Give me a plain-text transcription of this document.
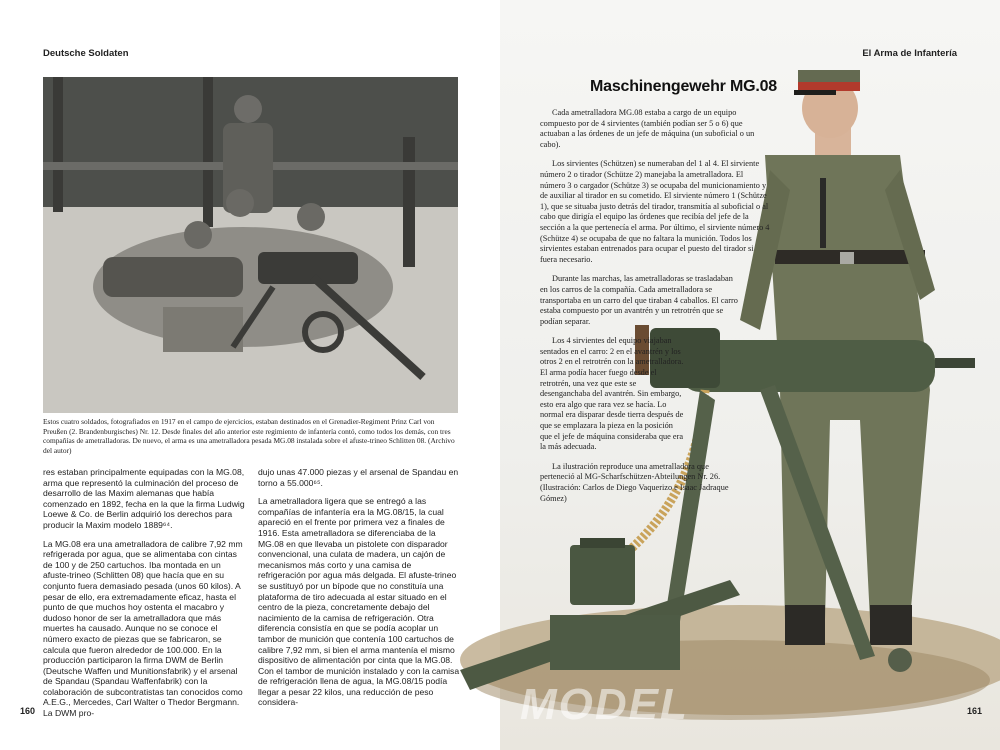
Deutsche Soldaten
Estos cuatro soldados, fotografiados en 1917 en el campo de ejercicios, estaban destinados en el Grenadier-Regiment Prinz Carl von Preußen (2. Brandenburgisches) Nr. 12. Desde finales del año anterior este regimiento de infantería contó, como todos los demás, con tres compañías de ametralladoras. De nuevo, el arma es una ametralladora pesada MG.08 instalada sobre el afuste-trineo Schlitten 08. (Archivo del autor)

res estaban principalmente equipadas con la MG.08, arma que representó la culminación del proceso de desarrollo de las Maxim alemanas que había comenzado en 1892, fecha en la que la firma Ludwig Loewe & Co. de Berlin adquirió los derechos para producir la Maxim modelo 1889⁶⁴.

La MG.08 era una ametralladora de calibre 7,92 mm refrigerada por agua, que se alimentaba con cintas de 100 y de 250 cartuchos. Iba montada en un afuste-trineo (Schlitten 08) que hacía que en su conjunto fuera demasiado pesada (unos 60 kilos). A pesar de ello, era extremadamente eficaz, hasta el punto de que muchos hoy ostenta el macabro y dudoso honor de ser la ametralladora que más muertes ha causado. Aunque no se conoce el número exacto de piezas que se fabricaron, se calcula que fueron alrededor de 100.000. En la producción participaron la firma DWM de Berlin (Deutsche Waffen und Munitionsfabrik) y el arsenal de Spandau (Spandau Waffenfabrik) con la colaboración de subcontratistas tan conocidos como A.E.G., Mercedes, Carl Walter o Thedor Bergmann. La DWM pro-

dujo unas 47.000 piezas y el arsenal de Spandau en torno a 55.000⁶⁵.

La ametralladora ligera que se entregó a las compañías de infantería era la MG.08/15, la cual apareció en el frente por primera vez a finales de 1916. Esta ametralladora se diferenciaba de la MG.08 en que llevaba un pistolete con disparador convencional, una culata de madera, un cajón de mecanismos más corto y una camisa de refrigeración por agua más delgada. El afuste-trineo se sustituyó por un bípode que no constituía una plataforma de tiro adecuada al estar situado en el centro de la pieza, concretamente debajo del nacimiento de la camisa de refrigeración. Otra diferencia consistía en que se podía acoplar un tambor de munición que contenía 100 cartuchos de calibre 7,92 mm, si bien el arma mantenía el mismo dispositivo de alimentación por cinta que la MG.08. Con el tambor de munición instalado y con la camisa de refrigeración llena de agua, la MG.08/15 podía llegar a pesar 22 kilos, una reducción de peso considera-

160
El Arma de Infantería
161
Maschinengewehr MG.08

Cada ametralladora MG.08 estaba a cargo de un equipo compuesto por de 4 sirvientes (también podían ser 5 o 6) que actuaban a las órdenes de un jefe de máquina (un suboficial o un cabo).

Los sirvientes (Schützen) se numeraban del 1 al 4. El sirviente número 2 o tirador (Schütze 2) manejaba la ametralladora. El número 3 o cargador (Schütze 3) se ocupaba del municionamiento y de auxiliar al tirador en su cometido. El sirviente número 1 (Schütze 1), que se situaba justo detrás del tirador, transmitía al suboficial o al cabo que dirigía el equipo las órdenes que recibía del jefe de la sección a la que pertenecía el arma. Por último, el sirviente número 4 (Schütze 4) se ocupaba de que no faltara la munición. Todos los sirvientes estaban entrenados para ocupar el puesto del tirador si fuera necesario.

Durante las marchas, las ametralladoras se trasladaban en los carros de la compañía. Cada ametralladora se transportaba en un carro del que tiraban 4 caballos. El carro estaba compuesto por un avantrén y un retrotrén que se podían separar.

Los 4 sirvientes del equipo viajaban sentados en el carro: 2 en el avantrén y los otros 2 en el retrotrén con la ametralladora. El arma podía hacer fuego desde el retrotrén, una vez que este se desenganchaba del avantrén. Sin embargo, esto era algo que rara vez se hacía. Lo normal era disparar desde tierra después de que se emplazara la pieza en la posición que el jefe de máquina consideraba que era la más adecuada.

La ilustración reproduce una ametralladora que perteneció al MG-Scharfschützen-Abteilungen Nr. 26. (Ilustración: Carlos de Diego Vaquerizo e Isaac Jadraque Gómez)

MODEL
